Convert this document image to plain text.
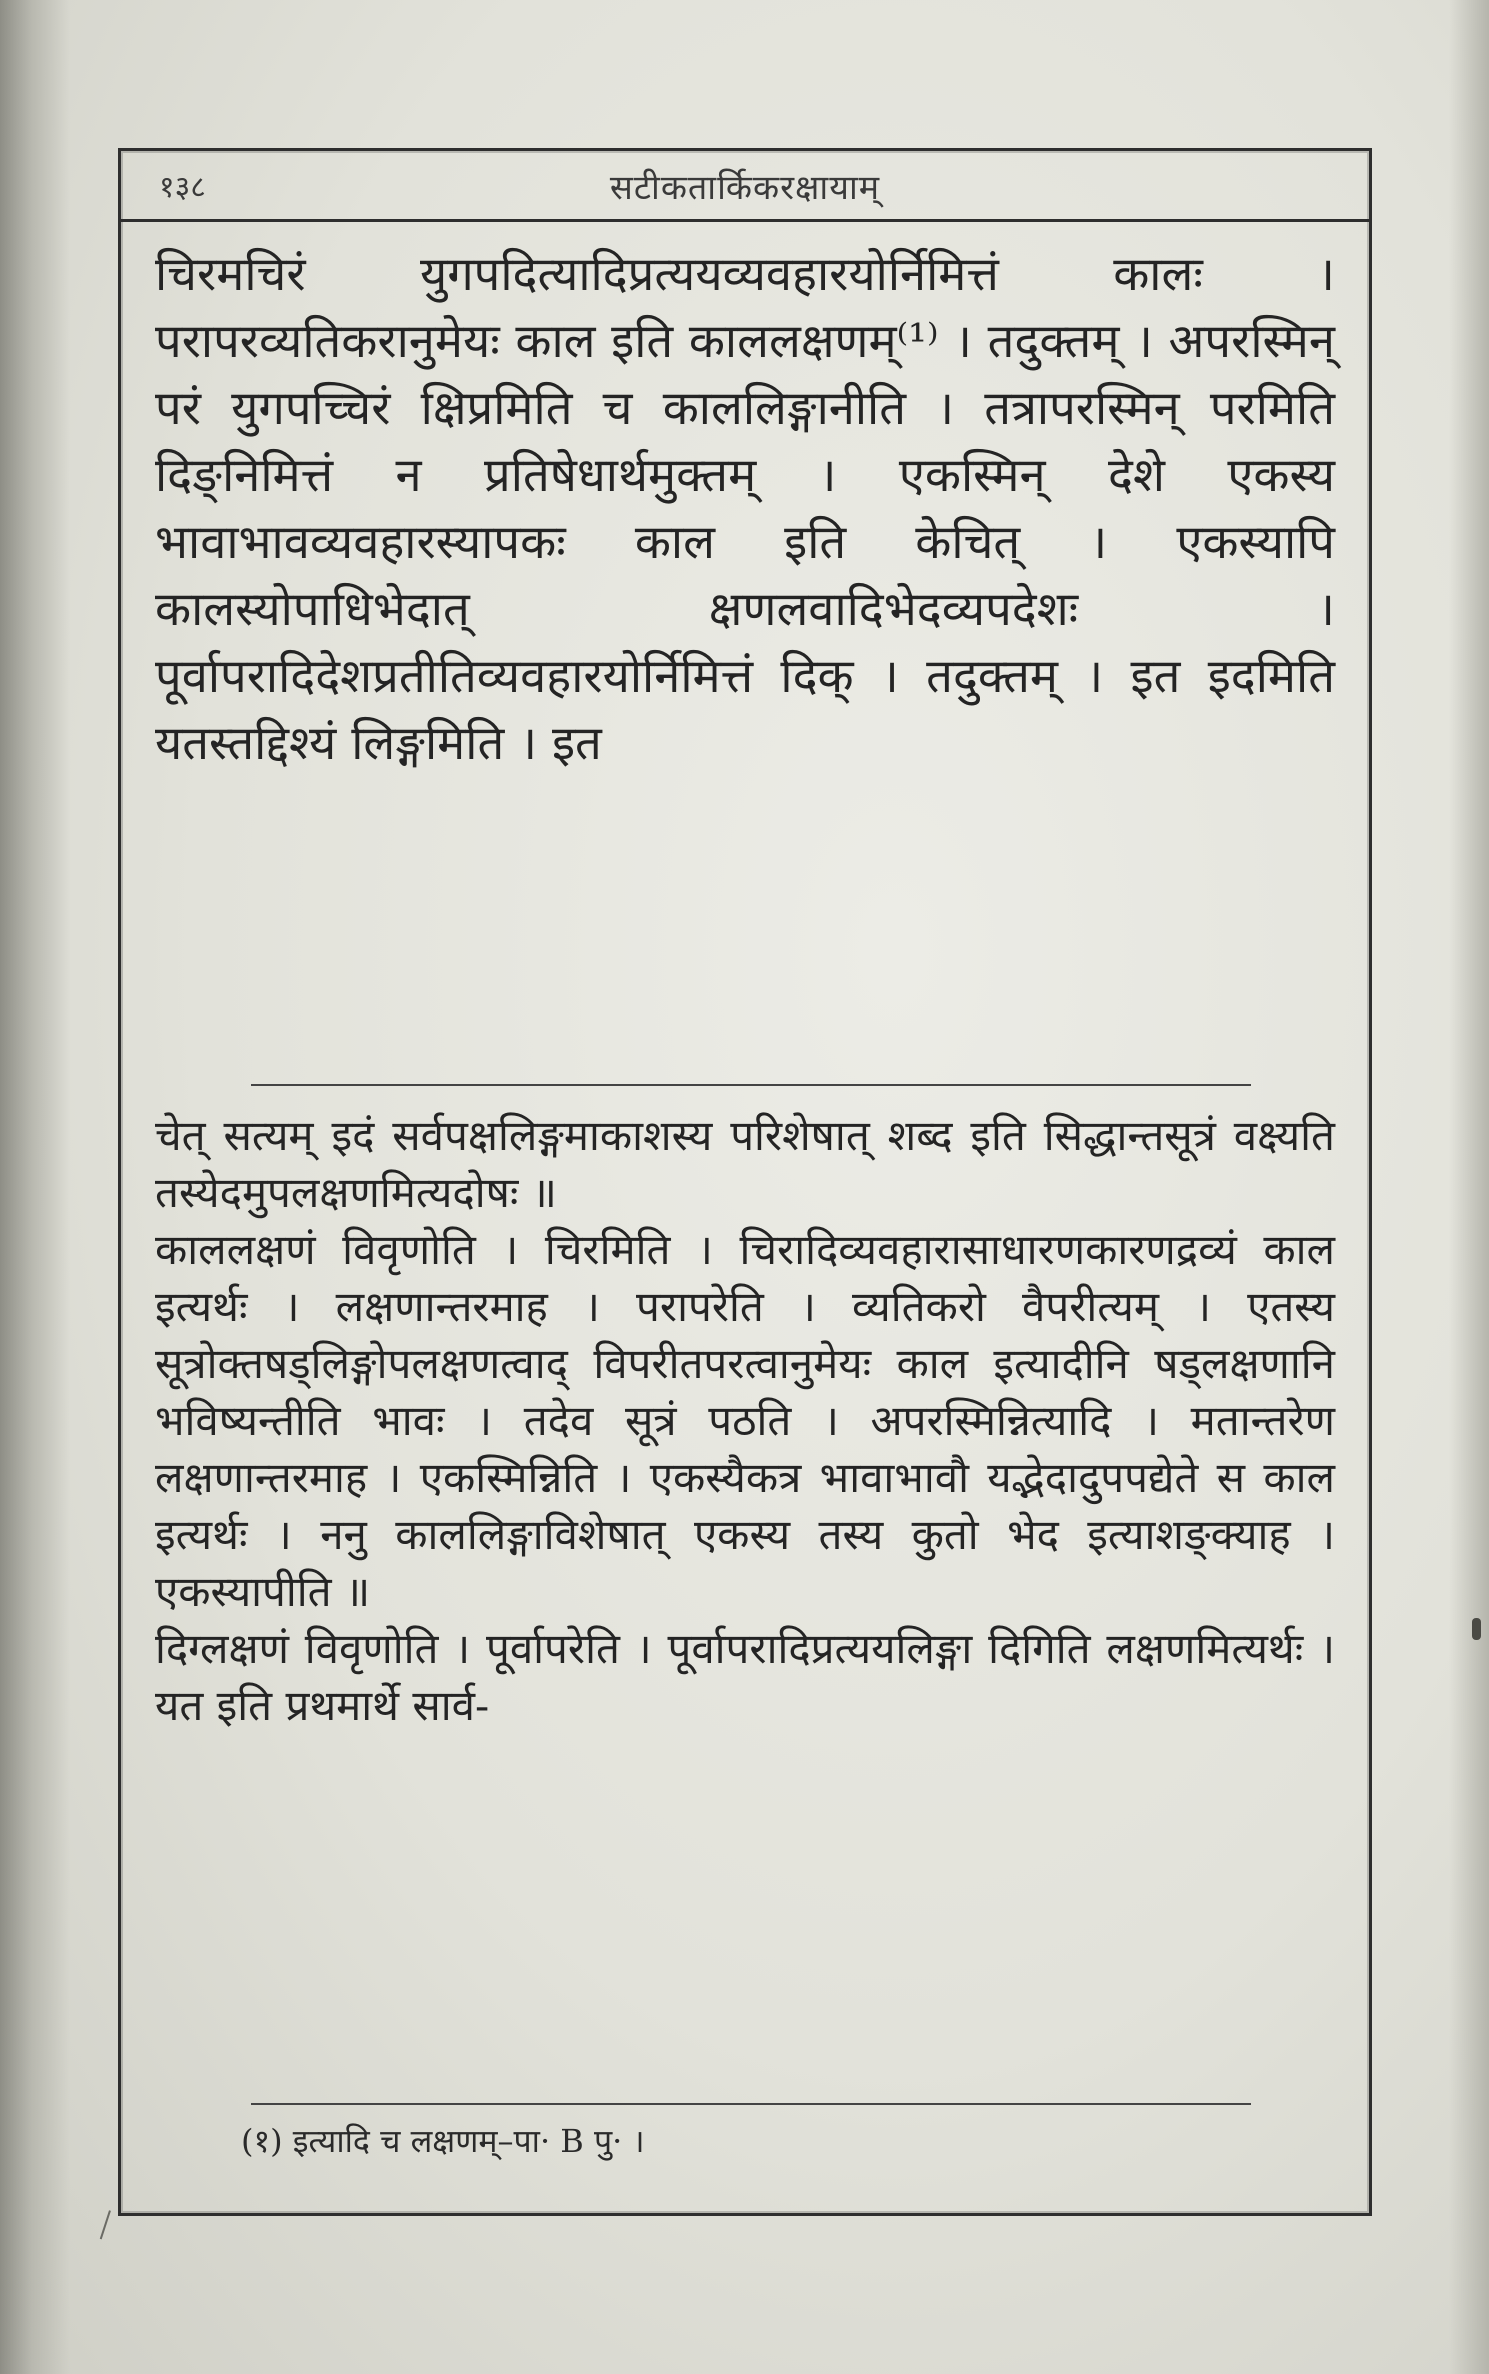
१३८	सटीकतार्किकरक्षायाम्

चिरमचिरं युगपदित्यादिप्रत्ययव्यवहारयोर्निमित्तं कालः । परापरव्यतिकरानुमेयः काल इति काललक्षणम्⁽¹⁾ । तदुक्तम् । अपरस्मिन् परं युगपच्चिरं क्षिप्रमिति च काललिङ्गानीति । तत्रापरस्मिन् परमिति दिङ्निमित्तं न प्रतिषेधार्थमुक्तम् । एकस्मिन् देशे एकस्य भावाभावव्यवहारस्यापकः काल इति केचित् । एकस्यापि कालस्योपाधिभेदात् क्षणलवादिभेदव्यपदेशः । पूर्वापरादिदेशप्रतीतिव्यवहारयोर्निमित्तं दिक् । तदुक्तम् । इत इदमिति यतस्तद्दिश्यं लिङ्गमिति । इत

चेत् सत्यम् इदं सर्वपक्षलिङ्गमाकाशस्य परिशेषात् शब्द इति सिद्धान्तसूत्रं वक्ष्यति तस्येदमुपलक्षणमित्यदोषः ॥
काललक्षणं विवृणोति । चिरमिति । चिरादिव्यवहारासाधारणकारणद्रव्यं काल इत्यर्थः । लक्षणान्तरमाह । परापरेति । व्यतिकरो वैपरीत्यम् । एतस्य सूत्रोक्तषड्लिङ्गोपलक्षणत्वाद् विपरीतपरत्वानुमेयः काल इत्यादीनि षड्लक्षणानि भविष्यन्तीति भावः । तदेव सूत्रं पठति । अपरस्मिन्नित्यादि । मतान्तरेण लक्षणान्तरमाह । एकस्मिन्निति । एकस्यैकत्र भावाभावौ यद्भेदादुपपद्येते स काल इत्यर्थः । ननु काललिङ्गाविशेषात् एकस्य तस्य कुतो भेद इत्याशङ्क्याह । एकस्यापीति ॥
दिग्लक्षणं विवृणोति । पूर्वापरेति । पूर्वापरादिप्रत्ययलिङ्गा दिगिति लक्षणमित्यर्थः । यत इति प्रथमार्थे सार्व-

(१) इत्यादि च लक्षणम्–पा· B पु· ।
